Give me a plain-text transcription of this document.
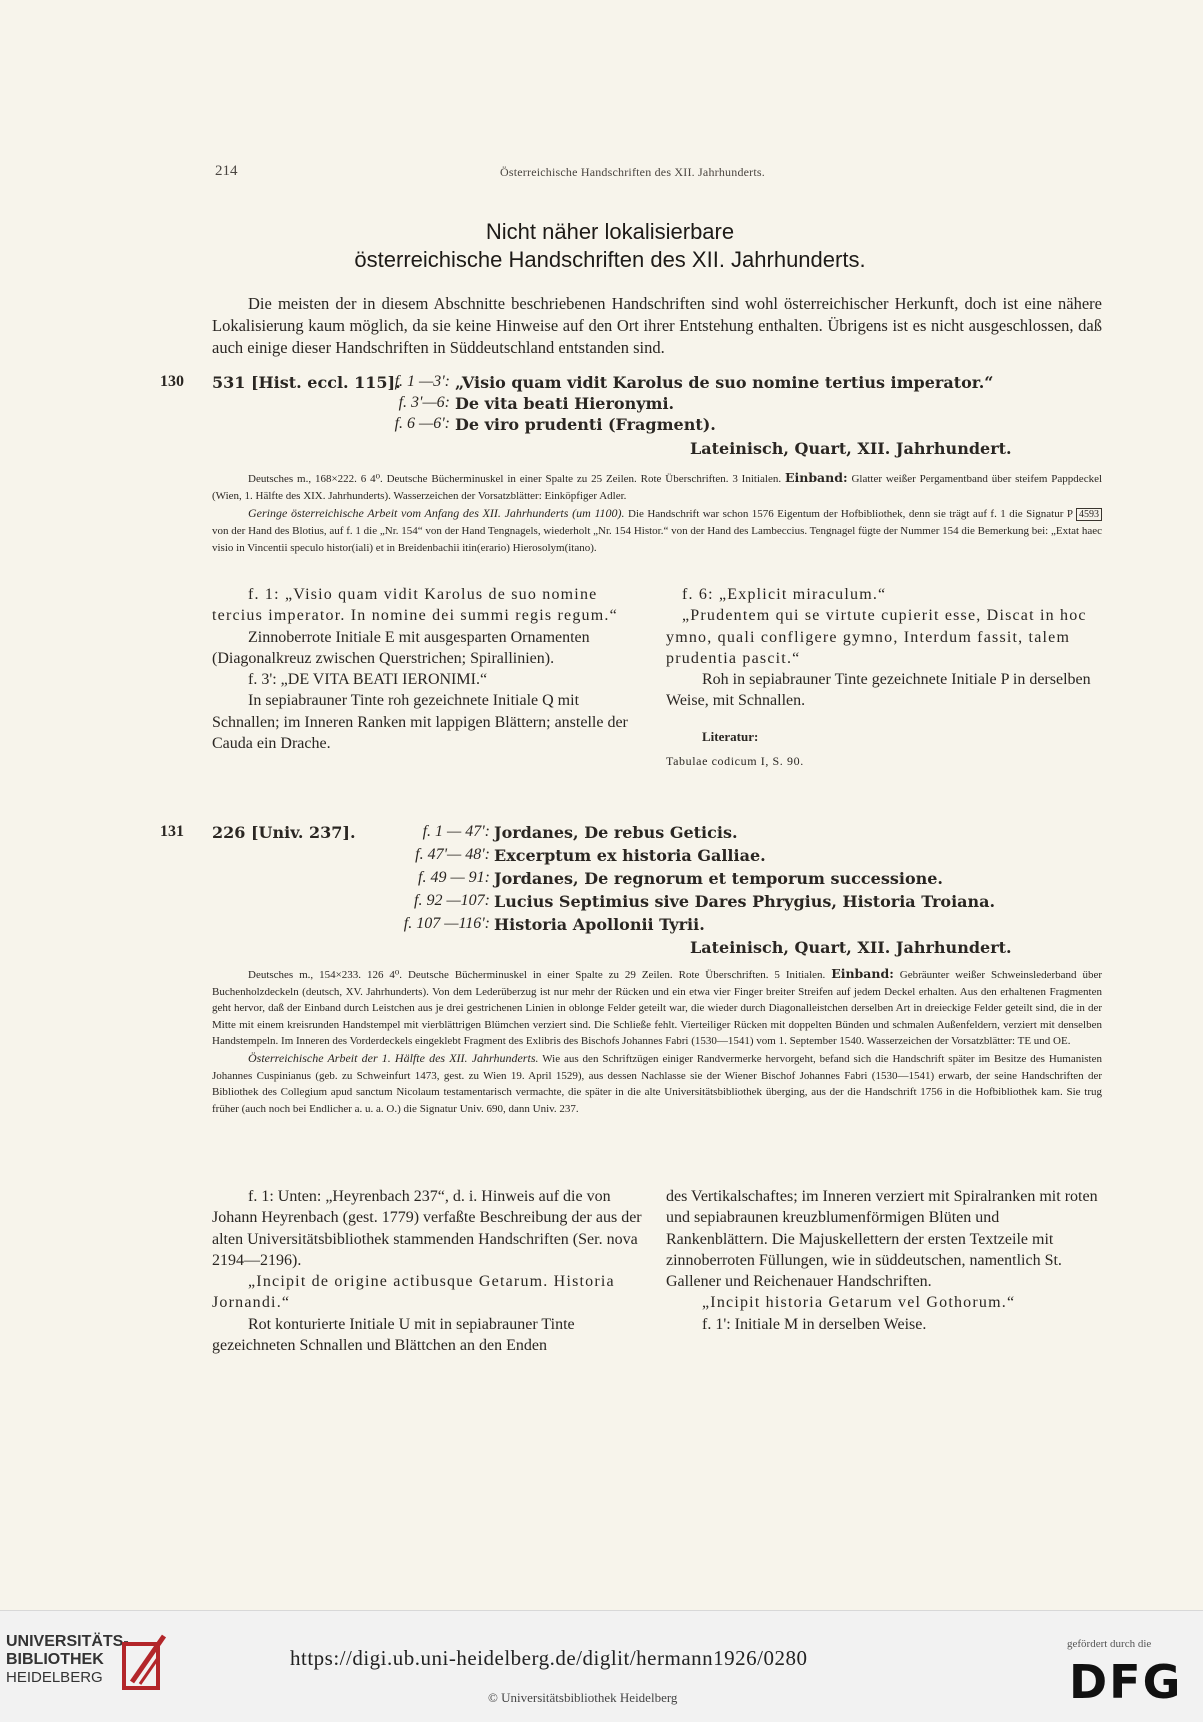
214	Österreichische Handschriften des XII. Jahrhunderts.
Nicht näher lokalisierbare
österreichische Handschriften des XII. Jahrhunderts.

Die meisten der in diesem Abschnitte beschriebenen Handschriften sind wohl österreichischer Herkunft, doch ist eine nähere Lokalisierung kaum möglich, da sie keine Hinweise auf den Ort ihrer Entstehung enthalten. Übrigens ist es nicht ausgeschlossen, daß auch einige dieser Handschriften in Süddeutschland entstanden sind.

130 531 [Hist. eccl. 115].
f. 1 —3': „Visio quam vidit Karolus de suo nomine tertius imperator.“
f. 3'—6: De vita beati Hieronymi.
f. 6 —6': De viro prudenti (Fragment).
Lateinisch, Quart, XII. Jahrhundert.

Deutsches m., 168×222. 6 4⁰. Deutsche Bücherminuskel in einer Spalte zu 25 Zeilen. Rote Überschriften. 3 Initialen. Einband: Glatter weißer Pergamentband über steifem Pappdeckel (Wien, 1. Hälfte des XIX. Jahrhunderts). Wasserzeichen der Vorsatzblätter: Einköpfiger Adler.

Geringe österreichische Arbeit vom Anfang des XII. Jahrhunderts (um 1100). Die Handschrift war schon 1576 Eigentum der Hofbibliothek, denn sie trägt auf f. 1 die Signatur P 4593 von der Hand des Blotius, auf f. 1 die „Nr. 154“ von der Hand Tengnagels, wiederholt „Nr. 154 Histor.“ von der Hand des Lambeccius. Tengnagel fügte der Nummer 154 die Bemerkung bei: „Extat haec visio in Vincentii speculo histor(iali) et in Breidenbachii itin(erario) Hierosolym(itano).

f. 1: „Visio quam vidit Karolus de suo nomine tercius imperator. In nomine dei summi regis regum.“

Zinnoberrote Initiale E mit ausgesparten Ornamenten (Diagonalkreuz zwischen Querstrichen; Spirallinien).

f. 3': „DE VITA BEATI IERONIMI.“

In sepiabrauner Tinte roh gezeichnete Initiale Q mit Schnallen; im Inneren Ranken mit lappigen Blättern; anstelle der Cauda ein Drache.

f. 6: „Explicit miraculum.“

„Prudentem qui se virtute cupierit esse, Discat in hoc ymno, quali confligere gymno, Interdum fassit, talem prudentia pascit.“

Roh in sepiabrauner Tinte gezeichnete Initiale P in derselben Weise, mit Schnallen.

Literatur:

Tabulae codicum I, S. 90.

131 226 [Univ. 237].	f. 1 — 47': Jordanes, De rebus Geticis.
f. 47'— 48': Excerptum ex historia Galliae.
f. 49 — 91: Jordanes, De regnorum et temporum successione.
f. 92 —107: Lucius Septimius sive Dares Phrygius, Historia Troiana.
f. 107 —116': Historia Apollonii Tyrii.
Lateinisch, Quart, XII. Jahrhundert.

Deutsches m., 154×233. 126 4⁰. Deutsche Bücherminuskel in einer Spalte zu 29 Zeilen. Rote Überschriften. 5 Initialen. Einband: Gebräunter weißer Schweinslederband über Buchenholzdeckeln (deutsch, XV. Jahrhunderts). Von dem Lederüberzug ist nur mehr der Rücken und ein etwa vier Finger breiter Streifen auf jedem Deckel erhalten. Aus den erhaltenen Fragmenten geht hervor, daß der Einband durch Leistchen aus je drei gestrichenen Linien in oblonge Felder geteilt war, die wieder durch Diagonalleistchen derselben Art in dreieckige Felder geteilt sind, die in der Mitte mit einem kreisrunden Handstempel mit vierblättrigen Blümchen verziert sind. Die Schließe fehlt. Vierteiliger Rücken mit doppelten Bünden und schmalen Außenfeldern, verziert mit denselben Handstempeln. Im Inneren des Vorderdeckels eingeklebt Fragment des Exlibris des Bischofs Johannes Fabri (1530—1541) vom 1. September 1540. Wasserzeichen der Vorsatzblätter: TE und OE.

Österreichische Arbeit der 1. Hälfte des XII. Jahrhunderts. Wie aus den Schriftzügen einiger Randvermerke hervorgeht, befand sich die Handschrift später im Besitze des Humanisten Johannes Cuspinianus (geb. zu Schweinfurt 1473, gest. zu Wien 19. April 1529), aus dessen Nachlasse sie der Wiener Bischof Johannes Fabri (1530—1541) erwarb, der seine Handschriften der Bibliothek des Collegium apud sanctum Nicolaum testamentarisch vermachte, die später in die alte Universitätsbibliothek überging, aus der die Handschrift 1756 in die Hofbibliothek kam. Sie trug früher (auch noch bei Endlicher a. u. a. O.) die Signatur Univ. 690, dann Univ. 237.

f. 1: Unten: „Heyrenbach 237“, d. i. Hinweis auf die von Johann Heyrenbach (gest. 1779) verfaßte Beschreibung der aus der alten Universitätsbibliothek stammenden Handschriften (Ser. nova 2194—2196).

„Incipit de origine actibusque Getarum. Historia Jornandi.“

Rot konturierte Initiale U mit in sepiabrauner Tinte gezeichneten Schnallen und Blättchen an den Enden

des Vertikalschaftes; im Inneren verziert mit Spiralranken mit roten und sepiabraunen kreuzblumenförmigen Blüten und Rankenblättern. Die Majuskellettern der ersten Textzeile mit zinnoberroten Füllungen, wie in süddeutschen, namentlich St. Gallener und Reichenauer Handschriften.

„Incipit historia Getarum vel Gothorum.“

f. 1': Initiale M in derselben Weise.

UNIVERSITÄTS-
BIBLIOTHEK
HEIDELBERG
https://digi.ub.uni-heidelberg.de/diglit/hermann1926/0280
© Universitätsbibliothek Heidelberg
gefördert durch die
DFG
